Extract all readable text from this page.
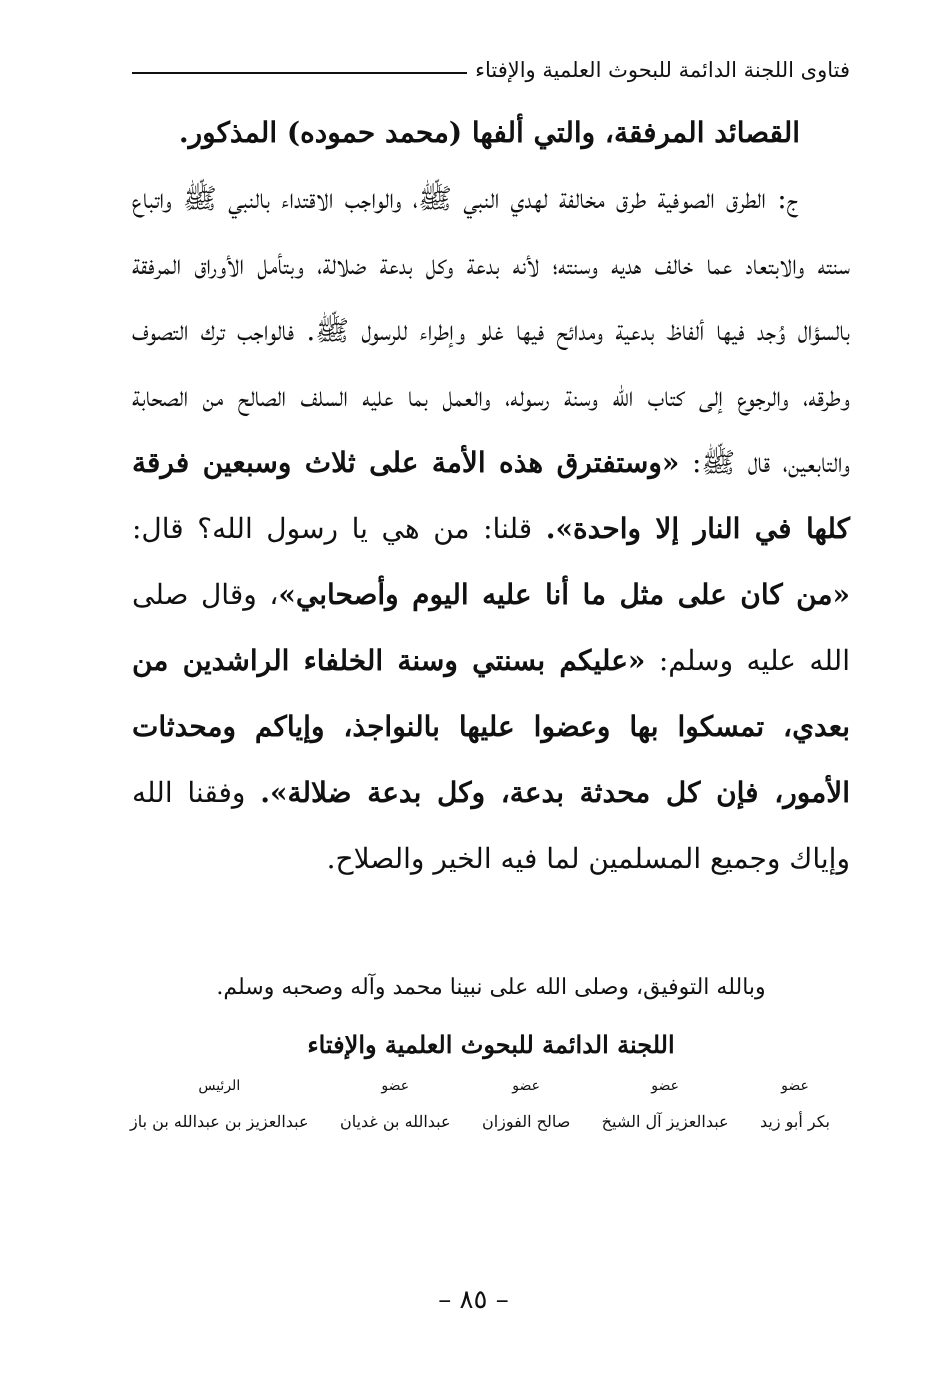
فتاوى اللجنة الدائمة للبحوث العلمية والإفتاء

القصائد المرفقة، والتي ألفها (محمد حموده) المذكور.

ج: الطرق الصوفية طرق مخالفة لهدي النبي ﷺ، والواجب الاقتداء بالنبي ﷺ واتباع سنته والابتعاد عما خالف هديه وسنته؛ لأنه بدعة وكل بدعة ضلالة، وبتأمل الأوراق المرفقة بالسؤال وُجد فيها ألفاظ بدعية ومدائح فيها غلو وإطراء للرسول ﷺ. فالواجب ترك التصوف وطرقه، والرجوع إلى كتاب الله وسنة رسوله، والعمل بما عليه السلف الصالح من الصحابة والتابعين، قال ﷺ: «وستفترق هذه الأمة على ثلاث وسبعين فرقة كلها في النار إلا واحدة». قلنا: من هي يا رسول الله؟ قال: «من كان على مثل ما أنا عليه اليوم وأصحابي»، وقال صلى الله عليه وسلم: «عليكم بسنتي وسنة الخلفاء الراشدين من بعدي، تمسكوا بها وعضوا عليها بالنواجذ، وإياكم ومحدثات الأمور، فإن كل محدثة بدعة، وكل بدعة ضلالة». وفقنا الله وإياك وجميع المسلمين لما فيه الخير والصلاح.

وبالله التوفيق، وصلى الله على نبينا محمد وآله وصحبه وسلم.
اللجنة الدائمة للبحوث العلمية والإفتاء
عضو
بكر أبو زيد
عضو
عبدالعزيز آل الشيخ
عضو
صالح الفوزان
عضو
عبدالله بن غديان
الرئيس
عبدالعزيز بن عبدالله بن باز
– ٨٥ –
